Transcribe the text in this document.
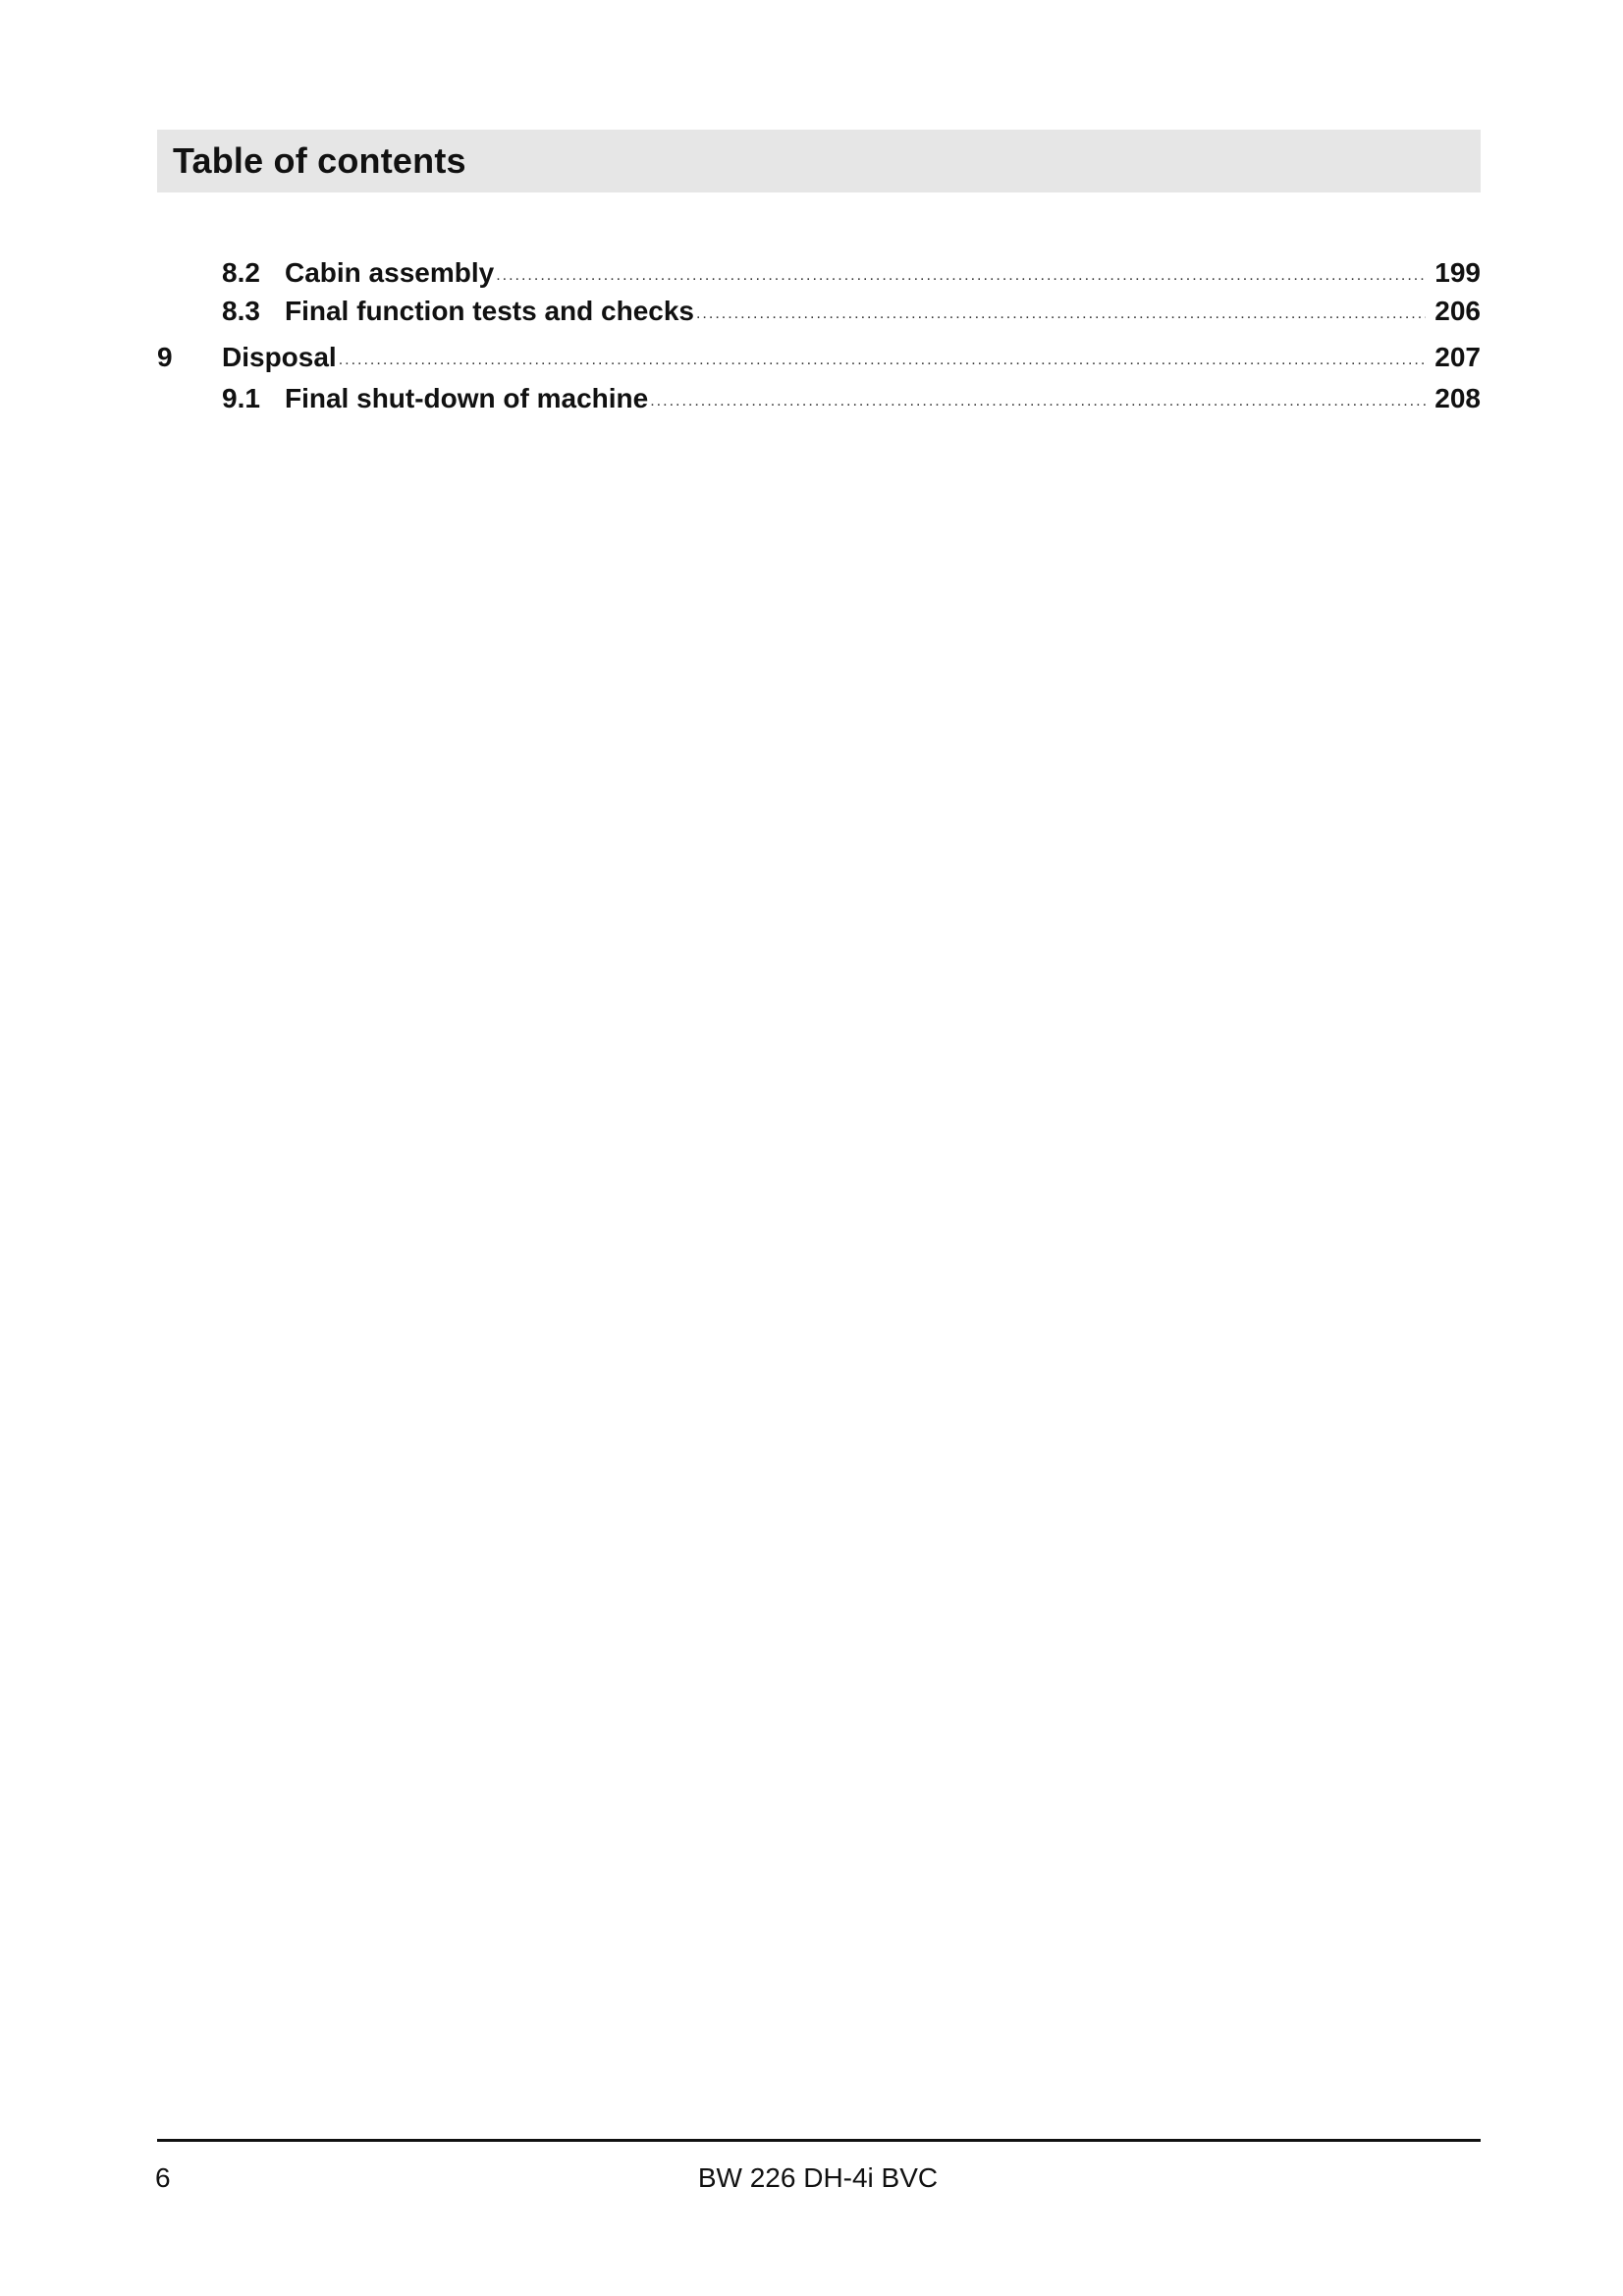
Table of contents
8.2 Cabin assembly .....	199
8.3 Final function tests and checks .....	206
9	Disposal .....	207
9.1 Final shut-down of machine .....	208
6	BW 226 DH-4i BVC
